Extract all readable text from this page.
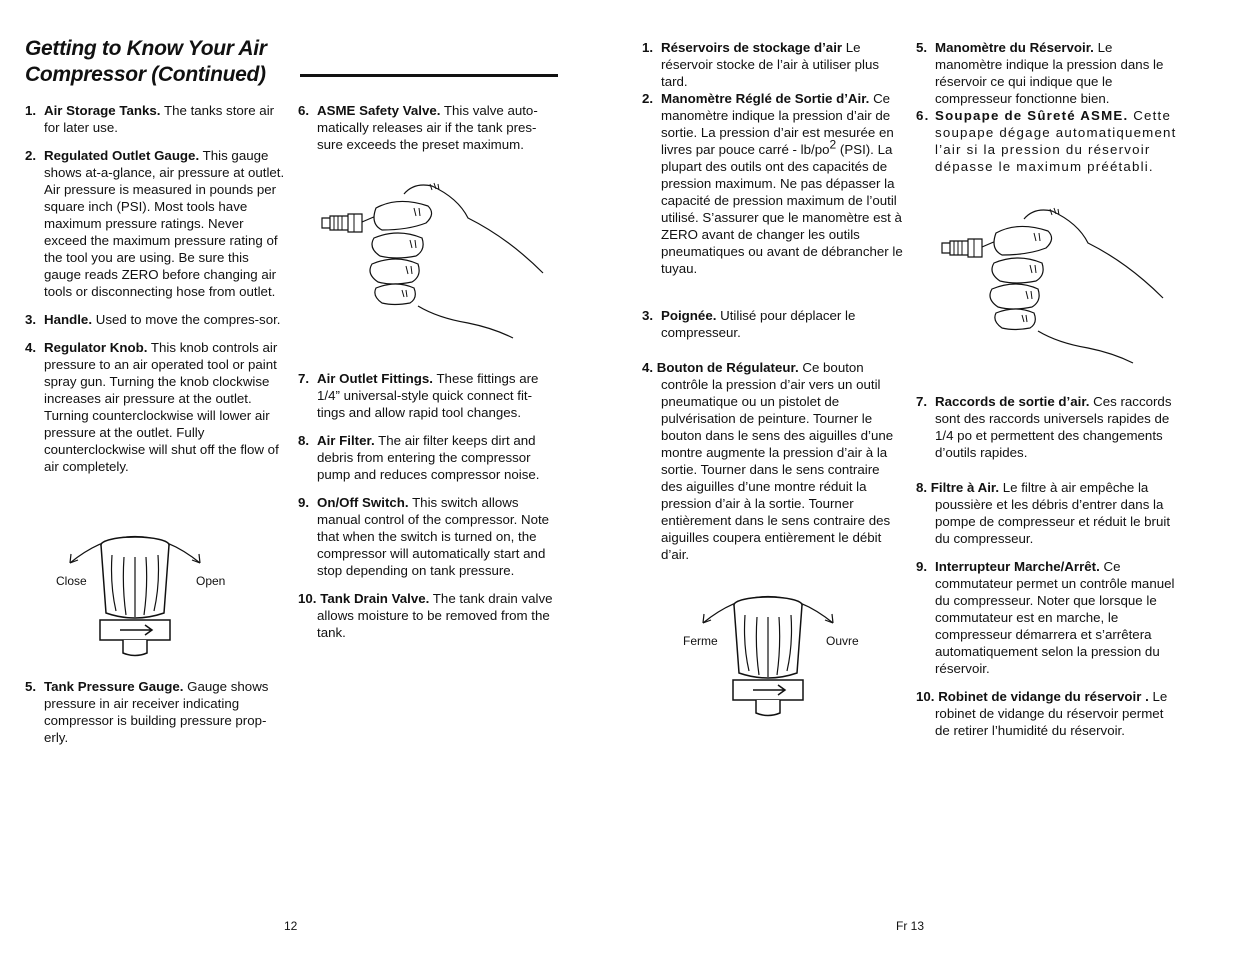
Getting to Know Your Air Compressor (Continued)

1. Air Storage Tanks. The tanks store air for later use.

2. Regulated Outlet Gauge. This gauge shows at-a-glance, air pressure at outlet. Air pressure is measured in pounds per square inch (PSI). Most tools have maximum pressure ratings. Never exceed the maximum pressure rating of the tool you are using. Be sure this gauge reads ZERO before changing air tools or disconnecting hose from outlet.

3. Handle. Used to move the compres-sor.

4. Regulator Knob. This knob controls air pressure to an air operated tool or paint spray gun. Turning the knob clockwise increases air pressure at the outlet. Turning counterclockwise will lower air pressure at the outlet. Fully counterclockwise will shut off the flow of air completely.

Close	Open

5. Tank Pressure Gauge. Gauge shows pressure in air receiver indicating compressor is building pressure prop-erly.

6. ASME Safety Valve. This valve auto-matically releases air if the tank pres-sure exceeds the preset maximum.

7. Air Outlet Fittings. These fittings are 1/4” universal-style quick connect fit-tings and allow rapid tool changes.

8. Air Filter. The air filter keeps dirt and debris from entering the compressor pump and reduces compressor noise.

9. On/Off Switch. This switch allows manual control of the compressor. Note that when the switch is turned on, the compressor will automatically start and stop depending on tank pressure.

10. Tank Drain Valve. The tank drain valve allows moisture to be removed from the tank.

12

1. Réservoirs de stockage d’air Le réservoir stocke de l’air à utiliser plus tard.

2. Manomètre Réglé de Sortie d’Air. Ce manomètre indique la pression d’air de sortie. La pression d’air est mesurée en livres par pouce carré - $lb/po^2$ (PSI). La plupart des outils ont des capacités de pression maximum. Ne pas dépasser la capacité de pression maximum de l’outil utilisé. S’assurer que le manomètre est à ZERO avant de changer les outils pneumatiques ou avant de débrancher le tuyau.

3. Poignée. Utilisé pour déplacer le compresseur.

4. Bouton de Régulateur. Ce bouton contrôle la pression d’air vers un outil pneumatique ou un pistolet de pulvérisation de peinture. Tourner le bouton dans le sens des aiguilles d’une montre augmente la pression d’air à la sortie. Tourner dans le sens contraire des aiguilles d’une montre réduit la pression d’air à la sortie. Tourner entièrement dans le sens contraire des aiguilles coupera entièrement le débit d’air.

Ferme	Ouvre

5. Manomètre du Réservoir. Le manomètre indique la pression dans le réservoir ce qui indique que le compresseur fonctionne bien.

6. Soupape de Sûreté ASME. Cette soupape dégage automatiquement l’air si la pression du réservoir dépasse le maximum préétabli.

7. Raccords de sortie d’air. Ces raccords sont des raccords universels rapides de 1/4 po et permettent des changements d’outils rapides.

8. Filtre à Air. Le filtre à air empêche la poussière et les débris d’entrer dans la pompe de compresseur et réduit le bruit du compresseur.

9. Interrupteur Marche/Arrêt. Ce commutateur permet un contrôle manuel du compresseur. Noter que lorsque le commutateur est en marche, le compresseur démarrera et s’arrêtera automatiquement selon la pression du réservoir.

10. Robinet de vidange du réservoir . Le robinet de vidange du réservoir permet de retirer l’humidité du réservoir.

Fr 13
